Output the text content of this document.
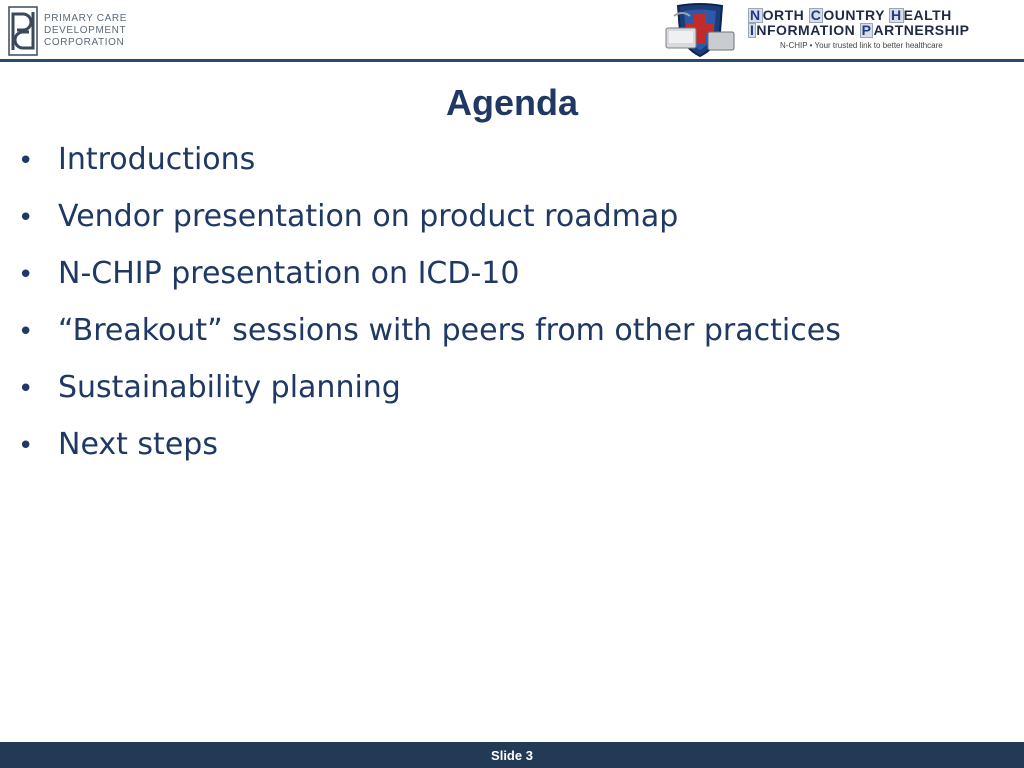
PRIMARY CARE
DEVELOPMENT
CORPORATION
N ORTH C OUNTRY H EALTH
I NFORMATION P ARTNERSHIP
N-CHIP • Your trusted link to better healthcare
Agenda
• Introductions
• Vendor presentation on product roadmap
• N-CHIP presentation on ICD-10
• “Breakout” sessions with peers from other practices
• Sustainability planning
• Next steps
Slide 3
